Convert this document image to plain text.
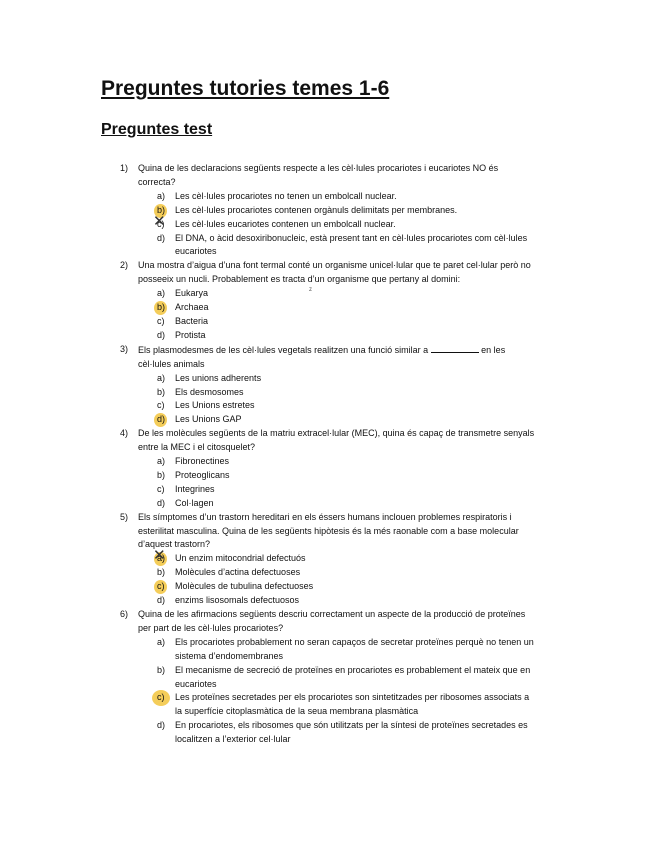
Preguntes tutories temes 1-6
Preguntes test
z
1) Quina de les declaracions següents respecte a les cèl·lules procariotes i eucariotes NO és correcta?
a) Les cèl·lules procariotes no tenen un embolcall nuclear.
b) Les cèl·lules procariotes contenen orgànuls delimitats per membranes.
c) ✕ Les cèl·lules eucariotes contenen un embolcall nuclear.
d) El DNA, o àcid desoxiribonucleic, està present tant en cèl·lules procariotes com cèl·lules eucariotes
2) Una mostra d’aigua d’una font termal conté un organisme unicel·lular que te paret cel·lular però no posseeix un nucli. Probablement es tracta d’un organisme que pertany al domini:
a) Eukarya
b) Archaea
c) Bacteria
d) Protista
3) Els plasmodesmes de les cèl·lules vegetals realitzen una funció similar a	en les cèl·lules animals
a) Les unions adherents
b) Els desmosomes
c) Les Unions estretes
d) Les Unions GAP
4) De les molècules següents de la matriu extracel·lular (MEC), quina és capaç de transmetre senyals entre la MEC i el citosquelet?
a) Fibronectines
b) Proteoglicans
c) Integrines
d) Col·lagen
5) Els símptomes d’un trastorn hereditari en els éssers humans inclouen problemes respiratoris i esterilitat masculina. Quina de les següents hipòtesis és la més raonable com a base molecular d’aquest trastorn?
a) ✕ Un enzim mitocondrial defectuós
b) Molècules d’actina defectuoses
c) Molècules de tubulina defectuoses
d) enzims lisosomals defectuosos
6) Quina de les afirmacions següents descriu correctament un aspecte de la producció de proteïnes per part de les cèl·lules procariotes?
a) Els procariotes probablement no seran capaços de secretar proteïnes perquè no tenen un sistema d’endomembranes
b) El mecanisme de secreció de proteïnes en procariotes es probablement el mateix que en eucariotes
c) Les proteïnes secretades per els procariotes son sintetitzades per ribosomes associats a la superfície citoplasmàtica de la seua membrana plasmàtica
d) En procariotes, els ribosomes que són utilitzats per la síntesi de proteïnes secretades es localitzen a l’exterior cel·lular
